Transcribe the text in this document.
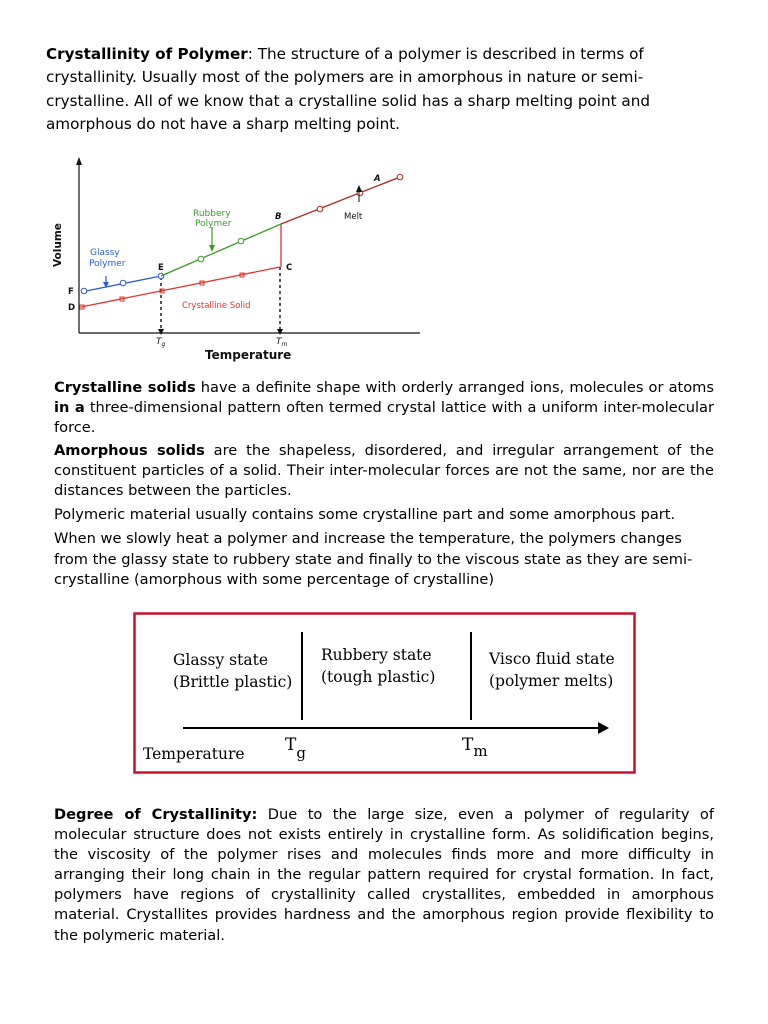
Crystallinity of Polymer: The structure of a polymer is described in terms of crystallinity. Usually most of the polymers are in amorphous in nature or semi- crystalline. All of we know that a crystalline solid has a sharp melting point and amorphous do not have a sharp melting point.

Volume
Temperature
$T_g$	$T_m$
Rubbery
Polymer
Glassy
Polymer
Crystalline Solid
Melt
A
B
C
D
E
F

Crystalline solids have a definite shape with orderly arranged ions, molecules or atoms in a three-dimensional pattern often termed crystal lattice with a uniform inter-molecular force.

Amorphous solids are the shapeless, disordered, and irregular arrangement of the constituent particles of a solid. Their inter-molecular forces are not the same, nor are the distances between the particles.

Polymeric material usually contains some crystalline part and some amorphous part.

When we slowly heat a polymer and increase the temperature, the polymers changes from the glassy state to rubbery state and finally to the viscous state as they are semi-crystalline (amorphous with some percentage of crystalline)

Glassy state
(Brittle plastic)
Rubbery state
(tough plastic)
Visco fluid state
(polymer melts)
Temperature Tg	Tm

Degree of Crystallinity: Due to the large size, even a polymer of regularity of molecular structure does not exists entirely in crystalline form. As solidification begins, the viscosity of the polymer rises and molecules finds more and more difficulty in arranging their long chain in the regular pattern required for crystal formation. In fact, polymers have regions of crystallinity called crystallites, embedded in amorphous material. Crystallites provides hardness and the amorphous region provide flexibility to the polymeric material.
